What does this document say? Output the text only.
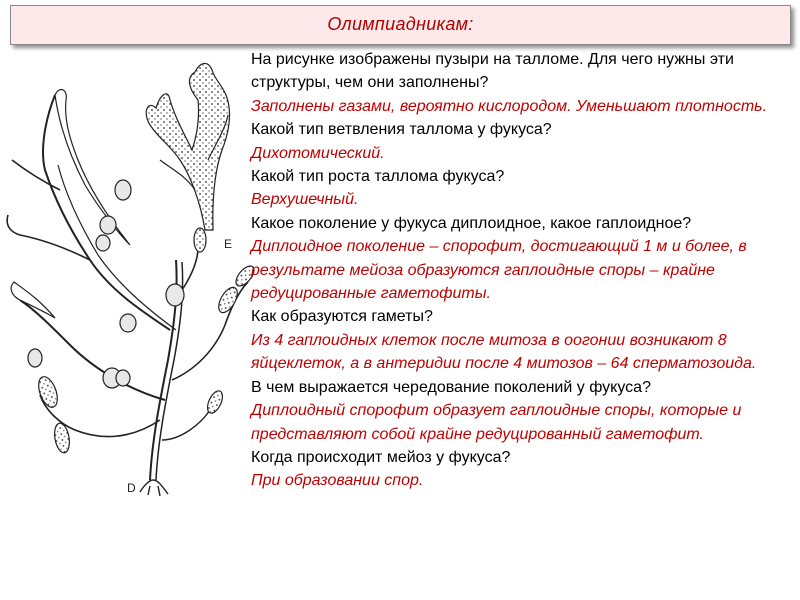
Олимпиадникам:
E
D

На рисунке изображены пузыри на талломе. Для чего нужны эти структуры, чем они заполнены?

Заполнены газами, вероятно кислородом. Уменьшают плотность.

Какой тип ветвления таллома у фукуса?

Дихотомический.

Какой тип роста таллома фукуса?

Верхушечный.

Какое поколение у фукуса диплоидное, какое гаплоидное?

Диплоидное поколение – спорофит, достигающий 1 м и более, в результате мейоза образуются гаплоидные споры – крайне редуцированные гаметофиты.

Как образуются гаметы?

Из 4 гаплоидных клеток после митоза в оогонии возникают 8 яйцеклеток, а в антеридии после 4 митозов – 64 сперматозоида.

В чем выражается чередование поколений у фукуса?

Диплоидный спорофит образует гаплоидные споры, которые и представляют собой крайне редуцированный гаметофит.

Когда происходит мейоз у фукуса?

При образовании спор.
